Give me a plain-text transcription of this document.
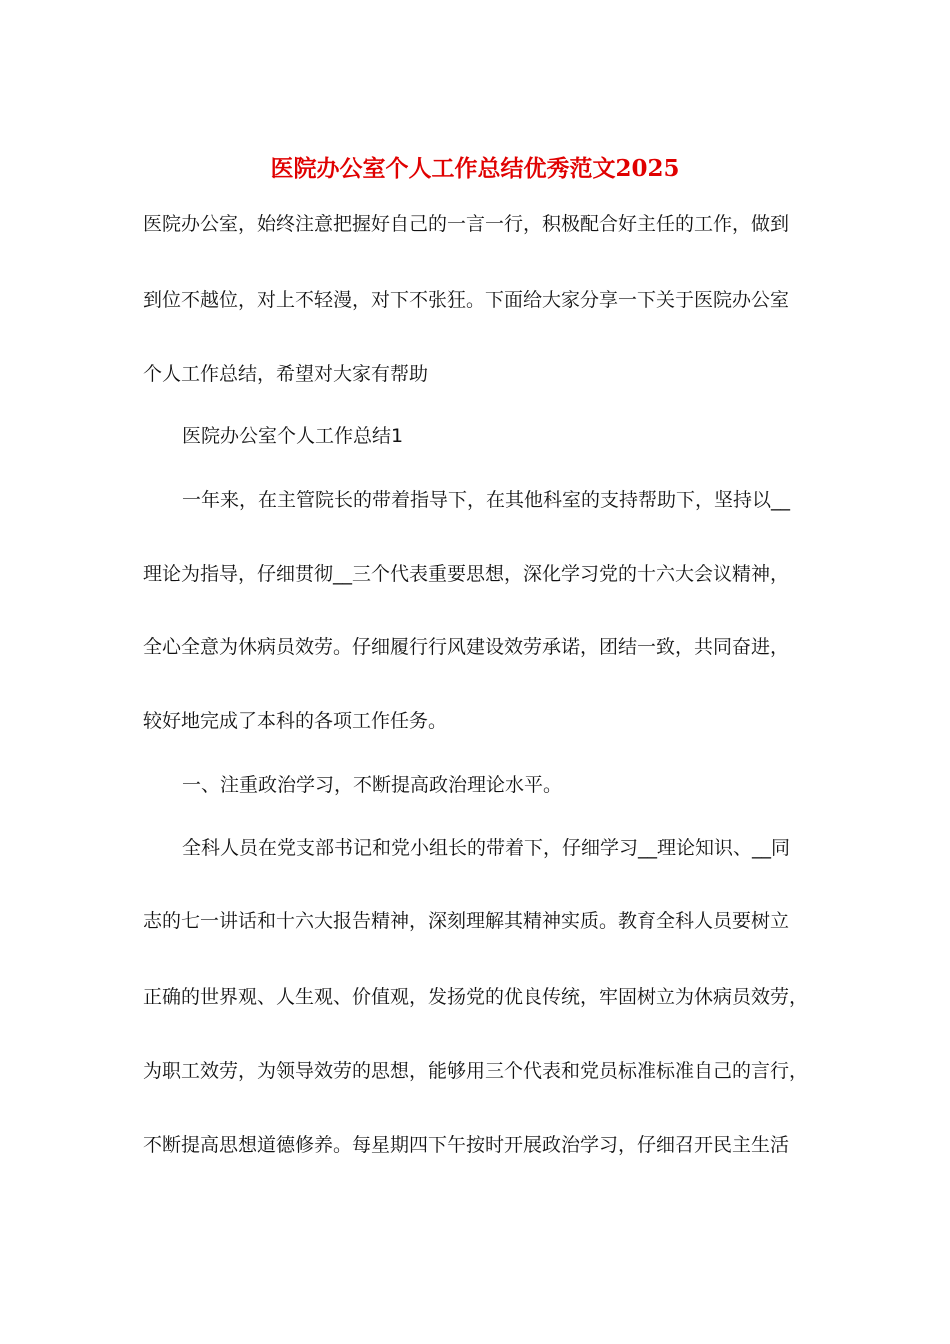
医院办公室个人工作总结优秀范文2025
医院办公室，始终注意把握好自己的一言一行，积极配合好主任的工作，做到
到位不越位，对上不轻漫，对下不张狂。下面给大家分享一下关于医院办公室
个人工作总结，希望对大家有帮助
医院办公室个人工作总结1
一年来，在主管院长的带着指导下，在其他科室的支持帮助下，坚持以__
理论为指导，仔细贯彻__三个代表重要思想，深化学习党的十六大会议精神，
全心全意为休病员效劳。仔细履行行风建设效劳承诺，团结一致，共同奋进，
较好地完成了本科的各项工作任务。
一、注重政治学习，不断提高政治理论水平。
全科人员在党支部书记和党小组长的带着下，仔细学习__理论知识、__同
志的七一讲话和十六大报告精神，深刻理解其精神实质。教育全科人员要树立
正确的世界观、人生观、价值观，发扬党的优良传统，牢固树立为休病员效劳，
为职工效劳，为领导效劳的思想，能够用三个代表和党员标准标准自己的言行，
不断提高思想道德修养。每星期四下午按时开展政治学习，仔细召开民主生活
